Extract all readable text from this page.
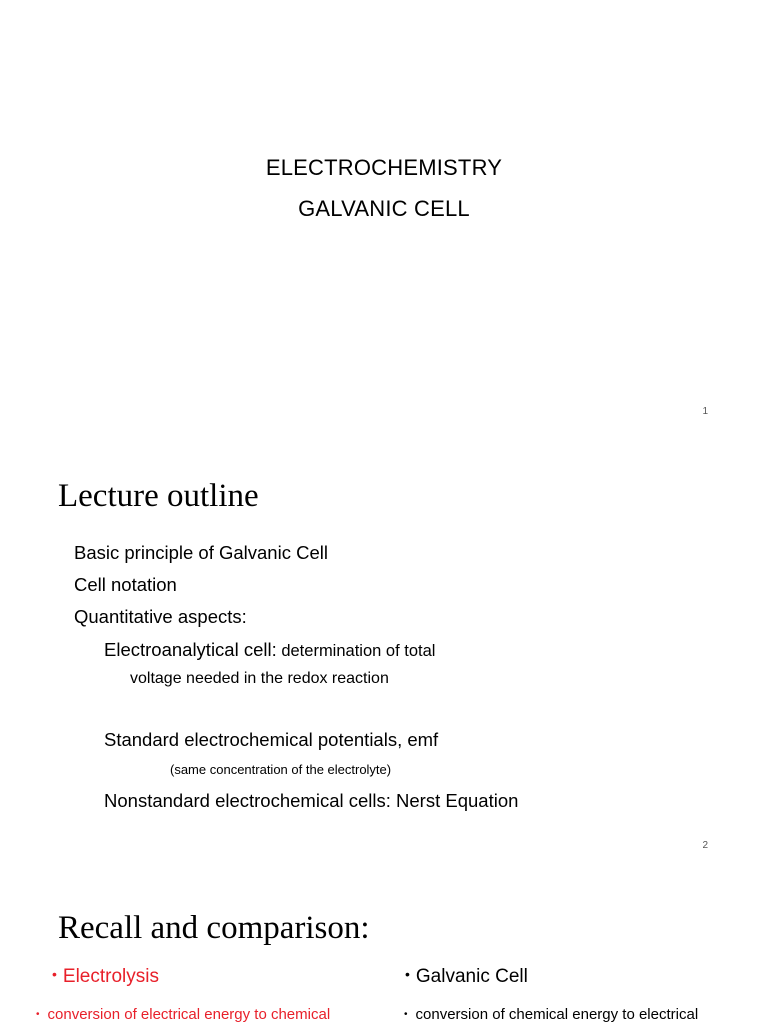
ELECTROCHEMISTRY
GALVANIC CELL
1
Lecture outline
Basic principle of Galvanic Cell
Cell notation
Quantitative aspects:
Electroanalytical cell: determination of total
voltage needed in the redox reaction
Standard electrochemical potentials, emf
(same concentration of the electrolyte)
Nonstandard electrochemical cells: Nerst Equation
2
Recall and comparison:
• Electrolysis
• conversion of electrical energy to chemical
• Galvanic Cell
• conversion of chemical energy to electrical
